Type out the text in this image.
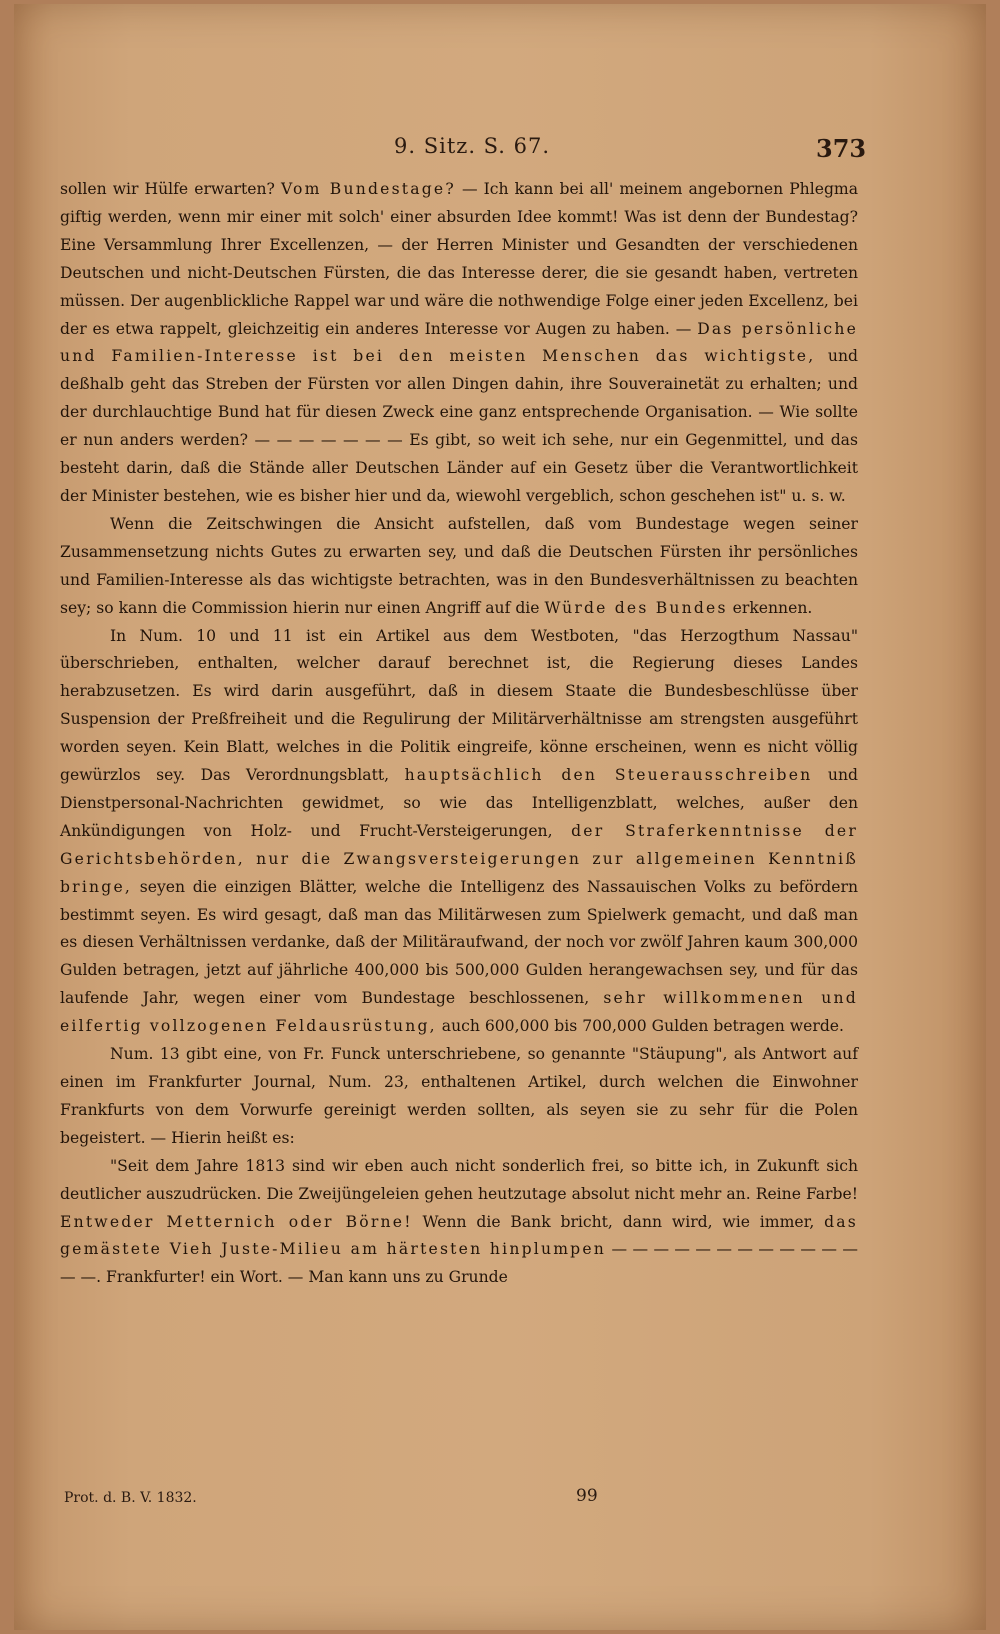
9. Sitz. S. 67.	373

sollen wir Hülfe erwarten? Vom Bundestage? — Ich kann bei all' meinem angebornen Phlegma giftig werden, wenn mir einer mit solch' einer absurden Idee kommt! Was ist denn der Bundestag? Eine Versammlung Ihrer Excellenzen, — der Herren Minister und Gesandten der verschiedenen Deutschen und nicht-Deutschen Fürsten, die das Interesse derer, die sie gesandt haben, vertreten müssen. Der augenblickliche Rappel war und wäre die nothwendige Folge einer jeden Excellenz, bei der es etwa rappelt, gleichzeitig ein anderes Interesse vor Augen zu haben. — Das persönliche und Familien-Interesse ist bei den meisten Menschen das wichtigste, und deßhalb geht das Streben der Fürsten vor allen Dingen dahin, ihre Souverainetät zu erhalten; und der durchlauchtige Bund hat für diesen Zweck eine ganz entsprechende Organisation. — Wie sollte er nun anders werden? — — — — — — — Es gibt, so weit ich sehe, nur ein Gegenmittel, und das besteht darin, daß die Stände aller Deutschen Länder auf ein Gesetz über die Verantwortlichkeit der Minister bestehen, wie es bisher hier und da, wiewohl vergeblich, schon geschehen ist" u. s. w.

Wenn die Zeitschwingen die Ansicht aufstellen, daß vom Bundestage wegen seiner Zusammensetzung nichts Gutes zu erwarten sey, und daß die Deutschen Fürsten ihr persönliches und Familien-Interesse als das wichtigste betrachten, was in den Bundesverhältnissen zu beachten sey; so kann die Commission hierin nur einen Angriff auf die Würde des Bundes erkennen.

In Num. 10 und 11 ist ein Artikel aus dem Westboten, "das Herzogthum Nassau" überschrieben, enthalten, welcher darauf berechnet ist, die Regierung dieses Landes herabzusetzen. Es wird darin ausgeführt, daß in diesem Staate die Bundesbeschlüsse über Suspension der Preßfreiheit und die Regulirung der Militärverhältnisse am strengsten ausgeführt worden seyen. Kein Blatt, welches in die Politik eingreife, könne erscheinen, wenn es nicht völlig gewürzlos sey. Das Verordnungsblatt, hauptsächlich den Steuerausschreiben und Dienstpersonal-Nachrichten gewidmet, so wie das Intelligenzblatt, welches, außer den Ankündigungen von Holz- und Frucht-Versteigerungen, der Straferkenntnisse der Gerichtsbehörden, nur die Zwangsversteigerungen zur allgemeinen Kenntniß bringe, seyen die einzigen Blätter, welche die Intelligenz des Nassauischen Volks zu befördern bestimmt seyen. Es wird gesagt, daß man das Militärwesen zum Spielwerk gemacht, und daß man es diesen Verhältnissen verdanke, daß der Militäraufwand, der noch vor zwölf Jahren kaum 300,000 Gulden betragen, jetzt auf jährliche 400,000 bis 500,000 Gulden herangewachsen sey, und für das laufende Jahr, wegen einer vom Bundestage beschlossenen, sehr willkommenen und eilfertig vollzogenen Feldausrüstung, auch 600,000 bis 700,000 Gulden betragen werde.

Num. 13 gibt eine, von Fr. Funck unterschriebene, so genannte "Stäupung", als Antwort auf einen im Frankfurter Journal, Num. 23, enthaltenen Artikel, durch welchen die Einwohner Frankfurts von dem Vorwurfe gereinigt werden sollten, als seyen sie zu sehr für die Polen begeistert. — Hierin heißt es:

"Seit dem Jahre 1813 sind wir eben auch nicht sonderlich frei, so bitte ich, in Zukunft sich deutlicher auszudrücken. Die Zweijüngeleien gehen heutzutage absolut nicht mehr an. Reine Farbe! Entweder Metternich oder Börne! Wenn die Bank bricht, dann wird, wie immer, das gemästete Vieh Juste-Milieu am härtesten hinplumpen — — — — — — — — — — — — — —. Frankfurter! ein Wort. — Man kann uns zu Grunde

Prot. d. B. V. 1832.	99
